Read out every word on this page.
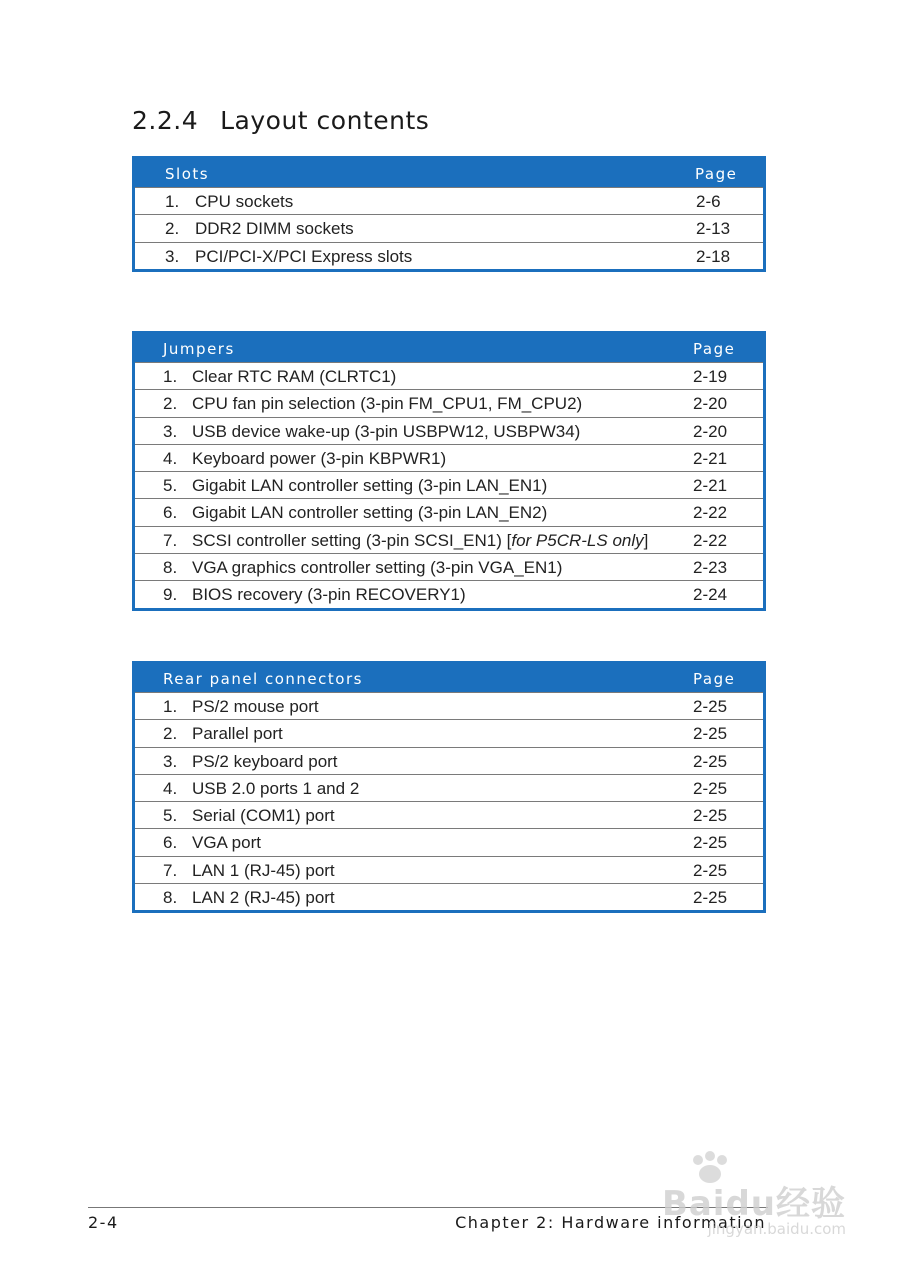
2.2.4 Layout contents
Slots	Page
1. CPU sockets	2-6
2. DDR2 DIMM sockets	2-13
3. PCI/PCI-X/PCI Express slots	2-18
Jumpers	Page
1. Clear RTC RAM (CLRTC1)	2-19
2. CPU fan pin selection (3-pin FM_CPU1, FM_CPU2)	2-20
3. USB device wake-up (3-pin USBPW12, USBPW34)	2-20
4. Keyboard power (3-pin KBPWR1)	2-21
5. Gigabit LAN controller setting (3-pin LAN_EN1)	2-21
6. Gigabit LAN controller setting (3-pin LAN_EN2)	2-22
7. SCSI controller setting (3-pin SCSI_EN1) [for P5CR-LS only]	2-22
8. VGA graphics controller setting (3-pin VGA_EN1)	2-23
9. BIOS recovery (3-pin RECOVERY1)	2-24
Rear panel connectors	Page
1. PS/2 mouse port	2-25
2. Parallel port	2-25
3. PS/2 keyboard port	2-25
4. USB 2.0 ports 1 and 2	2-25
5. Serial (COM1) port	2-25
6. VGA port	2-25
7. LAN 1 (RJ-45) port	2-25
8. LAN 2 (RJ-45) port	2-25
2-4	Chapter 2: Hardware information
Baidu经验
jingyan.baidu.com
